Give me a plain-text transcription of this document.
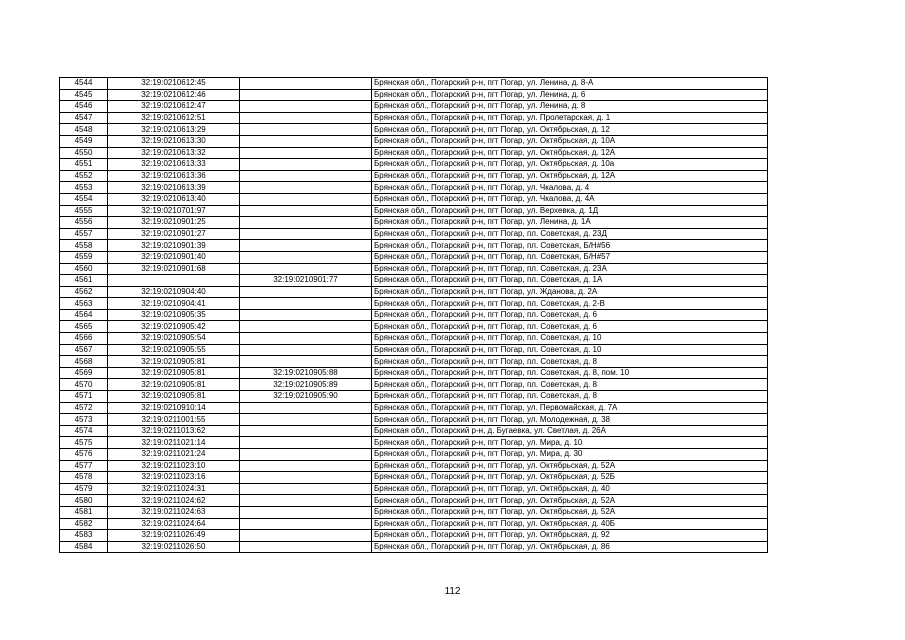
4544	32:19:0210612:45		Брянская обл., Погарский р-н, пгт Погар, ул. Ленина, д. 8-А
4545	32:19:0210612:46		Брянская обл., Погарский р-н, пгт Погар, ул. Ленина, д. 6
4546	32:19:0210612:47		Брянская обл., Погарский р-н, пгт Погар, ул. Ленина, д. 8
4547	32:19:0210612:51		Брянская обл., Погарский р-н, пгт Погар, ул. Пролетарская, д. 1
4548	32:19:0210613:29		Брянская обл., Погарский р-н, пгт Погар, ул. Октябрьская, д. 12
4549	32:19:0210613:30		Брянская обл., Погарский р-н, пгт Погар, ул. Октябрьская, д. 10А
4550	32:19:0210613:32		Брянская обл., Погарский р-н, пгт Погар, ул. Октябрьская, д. 12А
4551	32:19:0210613:33		Брянская обл., Погарский р-н, пгт Погар, ул. Октябрьская, д. 10а
4552	32:19:0210613:36		Брянская обл., Погарский р-н, пгт Погар, ул. Октябрьская, д. 12А
4553	32:19:0210613:39		Брянская обл., Погарский р-н, пгт Погар, ул. Чкалова, д. 4
4554	32:19:0210613:40		Брянская обл., Погарский р-н, пгт Погар, ул. Чкалова, д. 4А
4555	32:19:0210701:97		Брянская обл., Погарский р-н, пгт Погар, ул. Верхевка, д. 1Д
4556	32:19:0210901:25		Брянская обл., Погарский р-н, пгт Погар, ул. Ленина, д. 1А
4557	32:19:0210901:27		Брянская обл., Погарский р-н, пгт Погар, пл. Советская, д. 23Д
4558	32:19:0210901:39		Брянская обл., Погарский р-н, пгт Погар, пл. Советская, Б/Н#56
4559	32:19:0210901:40		Брянская обл., Погарский р-н, пгт Погар, пл. Советская, Б/Н#57
4560	32:19:0210901:68		Брянская обл., Погарский р-н, пгт Погар, пл. Советская, д. 23А
4561		32:19:0210901:77	Брянская обл., Погарский р-н, пгт Погар, пл. Советская, д. 1А
4562	32:19:0210904:40		Брянская обл., Погарский р-н, пгт Погар, ул. Жданова, д. 2А
4563	32:19:0210904:41		Брянская обл., Погарский р-н, пгт Погар, пл. Советская, д. 2-В
4564	32:19:0210905:35		Брянская обл., Погарский р-н, пгт Погар, пл. Советская, д. 6
4565	32:19:0210905:42		Брянская обл., Погарский р-н, пгт Погар, пл. Советская, д. 6
4566	32:19:0210905:54		Брянская обл., Погарский р-н, пгт Погар, пл. Советская, д. 10
4567	32:19:0210905:55		Брянская обл., Погарский р-н, пгт Погар, пл. Советская, д. 10
4568	32:19:0210905:81		Брянская обл., Погарский р-н, пгт Погар, пл. Советская, д. 8
4569	32:19:0210905:81	32:19:0210905:88	Брянская обл., Погарский р-н, пгт Погар, пл. Советская, д. 8, пом. 10
4570	32:19:0210905:81	32:19:0210905:89	Брянская обл., Погарский р-н, пгт Погар, пл. Советская, д. 8
4571	32:19:0210905:81	32:19:0210905:90	Брянская обл., Погарский р-н, пгт Погар, пл. Советская, д. 8
4572	32:19:0210910:14		Брянская обл., Погарский р-н, пгт Погар, ул. Первомайская, д. 7А
4573	32:19:0211001:55		Брянская обл., Погарский р-н, пгт Погар, ул. Молодежная, д. 38
4574	32:19:0211013:62		Брянская обл., Погарский р-н, д. Бугаевка, ул. Светлая, д. 26А
4575	32:19:0211021:14		Брянская обл., Погарский р-н, пгт Погар, ул. Мира, д. 10
4576	32:19:0211021:24		Брянская обл., Погарский р-н, пгт Погар, ул. Мира, д. 30
4577	32:19:0211023:10		Брянская обл., Погарский р-н, пгт Погар, ул. Октябрьская, д. 52А
4578	32:19:0211023:16		Брянская обл., Погарский р-н, пгт Погар, ул. Октябрьская, д. 52Б
4579	32:19:0211024:31		Брянская обл., Погарский р-н, пгт Погар, ул. Октябрьская, д. 40
4580	32:19:0211024:62		Брянская обл., Погарский р-н, пгт Погар, ул. Октябрьская, д. 52А
4581	32:19:0211024:63		Брянская обл., Погарский р-н, пгт Погар, ул. Октябрьская, д. 52А
4582	32:19:0211024:64		Брянская обл., Погарский р-н, пгт Погар, ул. Октябрьская, д. 40Б
4583	32:19:0211026:49		Брянская обл., Погарский р-н, пгт Погар, ул. Октябрьская, д. 92
4584	32:19:0211026:50		Брянская обл., Погарский р-н, пгт Погар, ул. Октябрьская, д. 86
112
